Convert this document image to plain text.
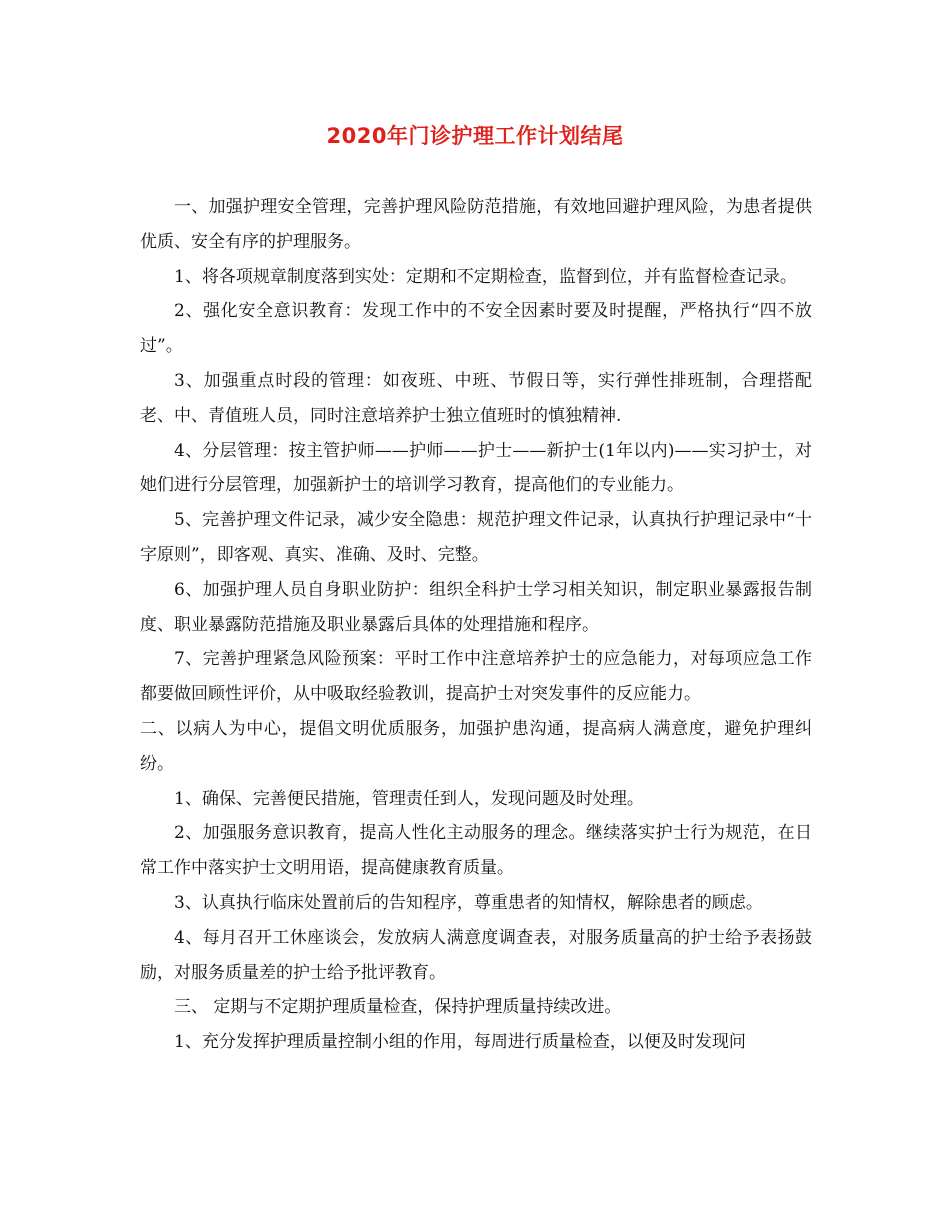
2020年门诊护理工作计划结尾

一、加强护理安全管理，完善护理风险防范措施，有效地回避护理风险，为患者提供优质、安全有序的护理服务。

1、将各项规章制度落到实处：定期和不定期检查，监督到位，并有监督检查记录。

2、强化安全意识教育：发现工作中的不安全因素时要及时提醒，严格执行“四不放过”。

3、加强重点时段的管理：如夜班、中班、节假日等，实行弹性排班制，合理搭配老、中、青值班人员，同时注意培养护士独立值班时的慎独精神.

4、分层管理：按主管护师——护师——护士——新护士(1年以内)——实习护士，对她们进行分层管理，加强新护士的培训学习教育，提高他们的专业能力。

5、完善护理文件记录，减少安全隐患：规范护理文件记录，认真执行护理记录中“十字原则”，即客观、真实、准确、及时、完整。

6、加强护理人员自身职业防护：组织全科护士学习相关知识，制定职业暴露报告制度、职业暴露防范措施及职业暴露后具体的处理措施和程序。

7、完善护理紧急风险预案：平时工作中注意培养护士的应急能力，对每项应急工作都要做回顾性评价，从中吸取经验教训，提高护士对突发事件的反应能力。

二、以病人为中心，提倡文明优质服务，加强护患沟通，提高病人满意度，避免护理纠纷。

1、确保、完善便民措施，管理责任到人，发现问题及时处理。

2、加强服务意识教育，提高人性化主动服务的理念。继续落实护士行为规范，在日常工作中落实护士文明用语，提高健康教育质量。

3、认真执行临床处置前后的告知程序，尊重患者的知情权，解除患者的顾虑。

4、每月召开工休座谈会，发放病人满意度调查表，对服务质量高的护士给予表扬鼓励，对服务质量差的护士给予批评教育。

三、 定期与不定期护理质量检查，保持护理质量持续改进。

1、充分发挥护理质量控制小组的作用，每周进行质量检查，以便及时发现问
